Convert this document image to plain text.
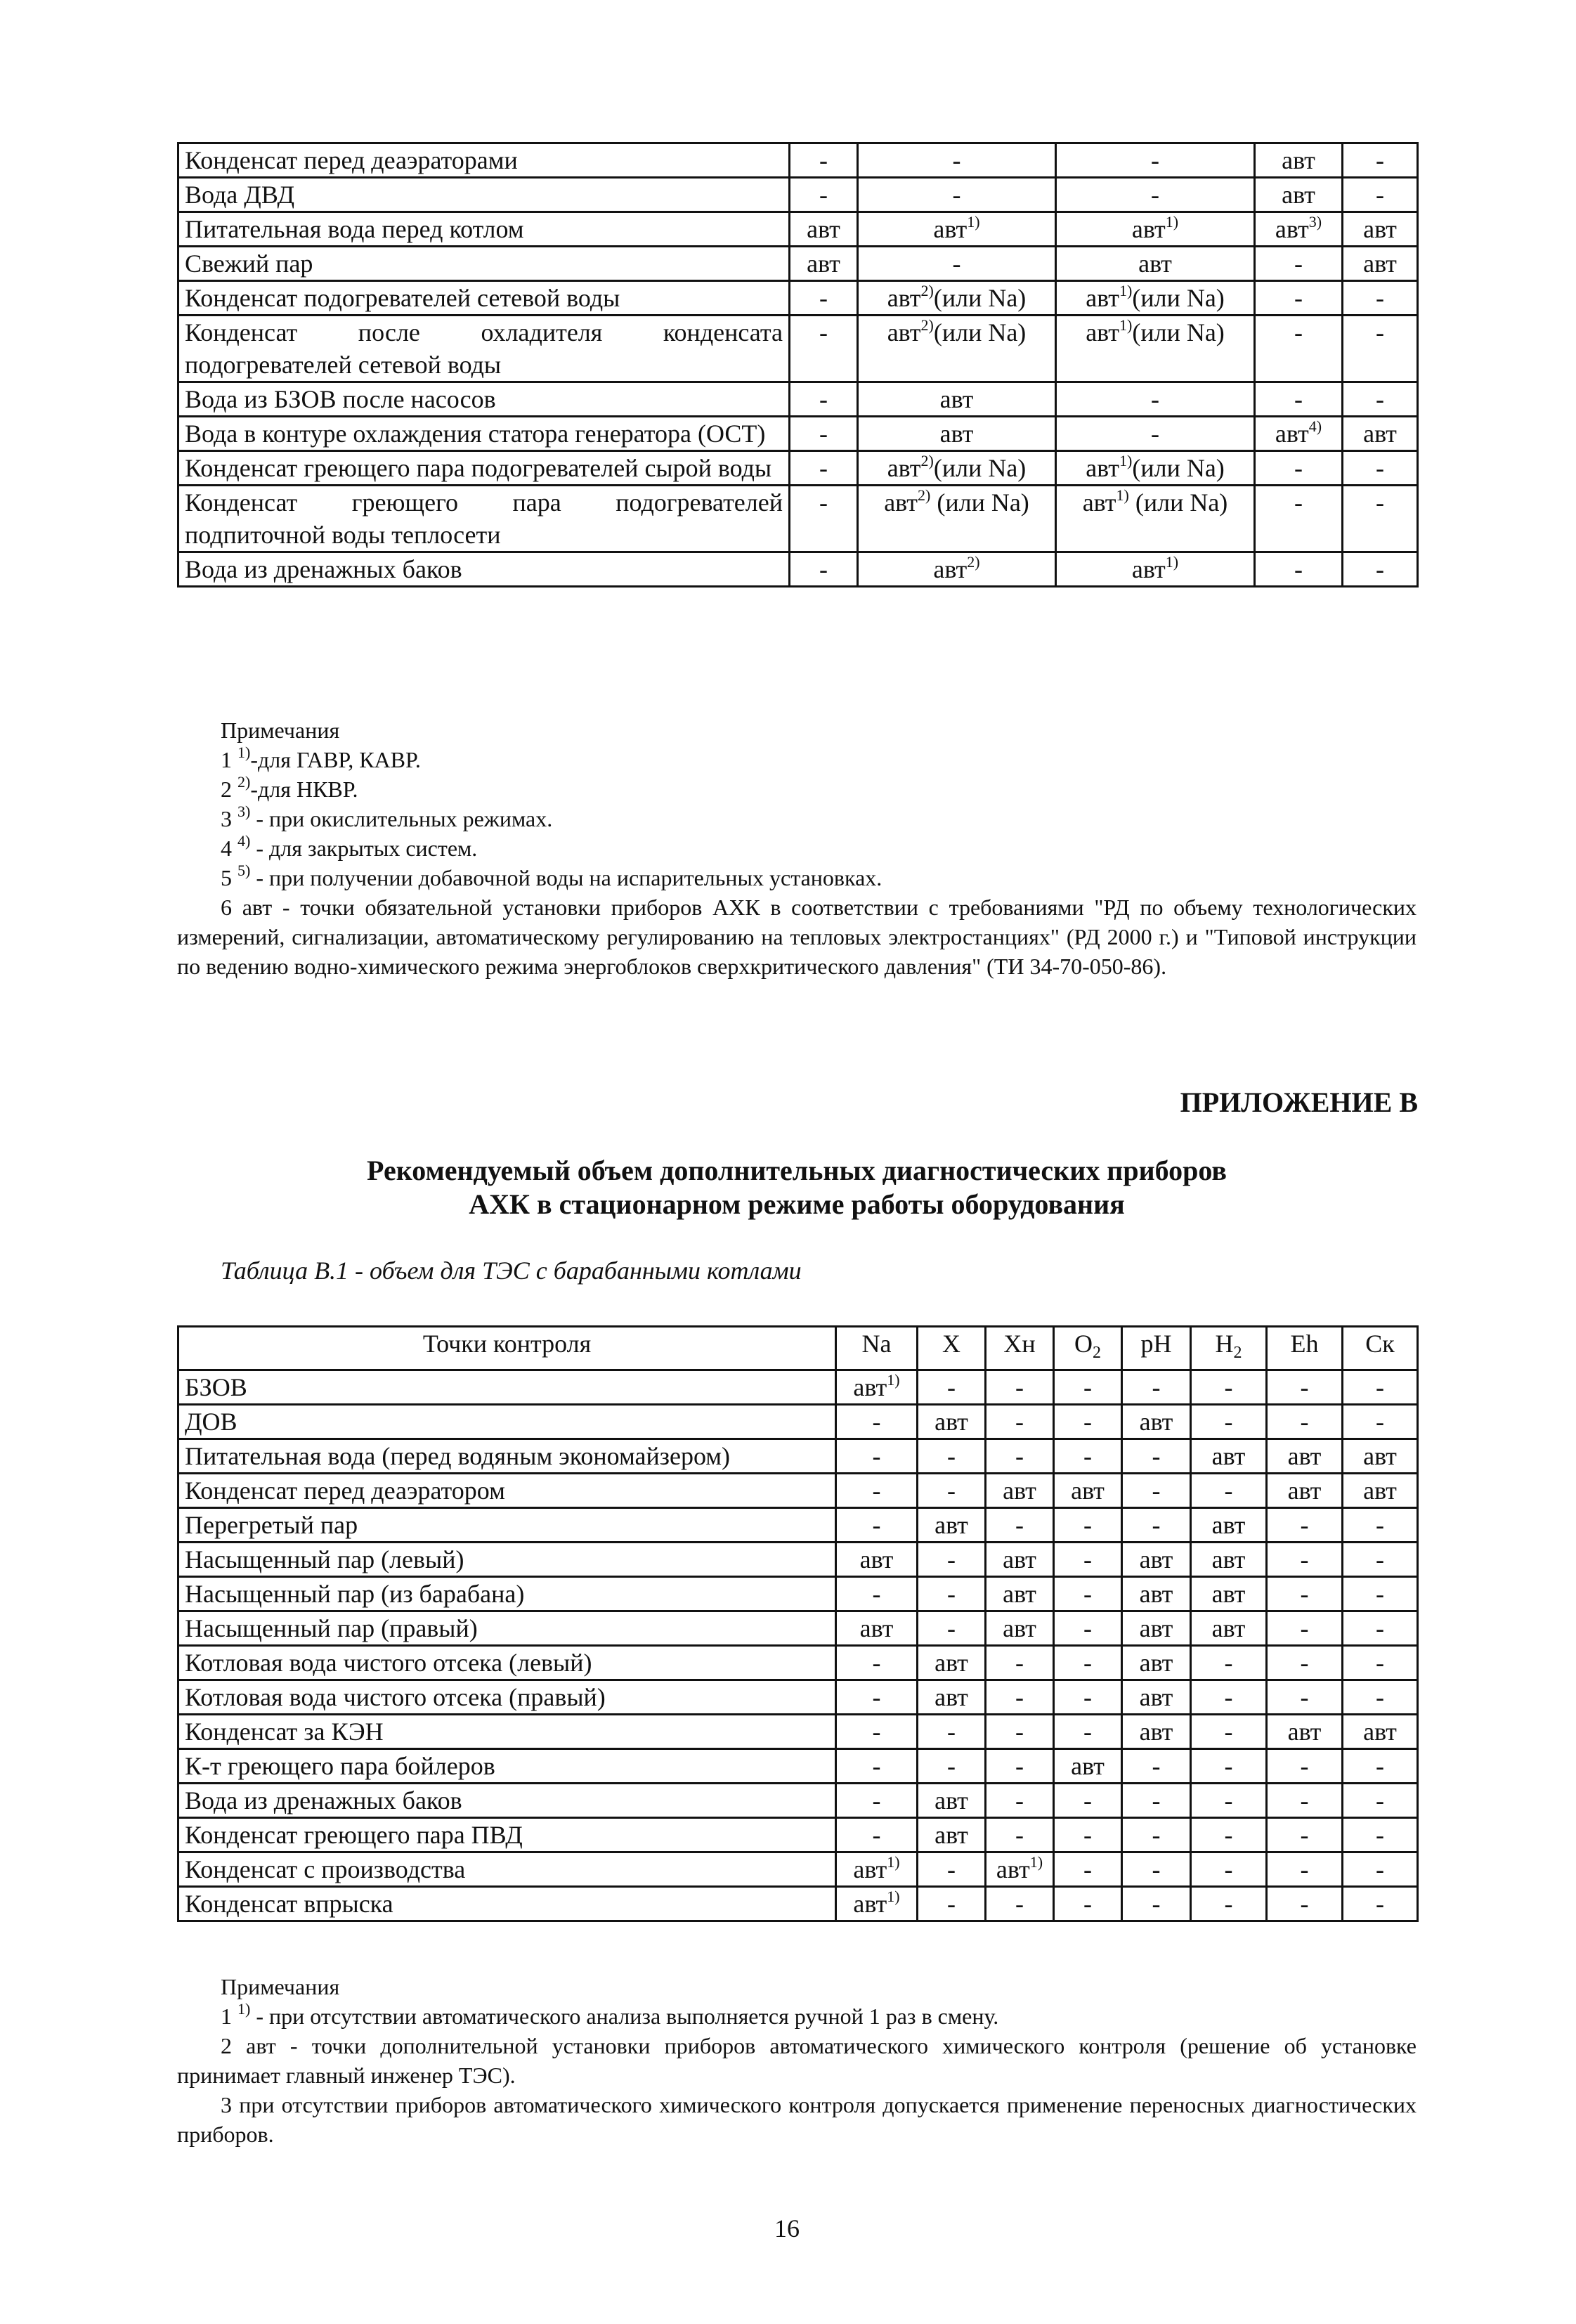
Конденсат перед деаэраторами	-	-	-	авт	-
Вода ДВД	-	-	-	авт	-
Питательная вода перед котлом	авт	авт$^{1)}$	авт$^{1)}$	авт$^{3)}$	авт
Свежий пар	авт	-	авт	-	авт
Конденсат подогревателей сетевой воды	-	авт$^{2)}$(или Na)	авт$^{1)}$(или Na)	-	-
Конденсат после охладителя конденсата подогревателей сетевой воды	-	авт$^{2)}$(или Na)	авт$^{1)}$(или Na)	-	-
Вода из БЗОВ после насосов	-	авт	-	-	-
Вода в контуре охлаждения статора генератора (ОСТ)	-	авт	-	авт$^{4)}$	авт
Конденсат греющего пара подогревателей сырой воды	-	авт$^{2)}$(или Na)	авт$^{1)}$(или Na)	-	-
Конденсат греющего пара подогревателей подпиточной воды теплосети	-	авт$^{2)}$ (или Na)	авт$^{1)}$ (или Na)	-	-
Вода из дренажных баков	-	авт$^{2)}$	авт$^{1)}$	-	-

Примечания

1 $^{1)}$-для ГАВР, КАВР.

2 $^{2)}$-для НКВР.

3 $^{3)}$ - при окислительных режимах.

4 $^{4)}$ - для закрытых систем.

5 $^{5)}$ - при получении добавочной воды на испарительных установках.

6 авт - точки обязательной установки приборов АХК в соответствии с требованиями "РД по объему технологических измерений, сигнализации, автоматическому регулированию на тепловых электростанциях" (РД 2000 г.) и "Типовой инструкции по ведению водно-химического режима энергоблоков сверхкритического давления" (ТИ 34-70-050-86).

ПРИЛОЖЕНИЕ В
Рекомендуемый объем дополнительных диагностических приборов
АХК в стационарном режиме работы оборудования
Таблица В.1 - объем для ТЭС с барабанными котлами
Точки контроля	Na	X	Хн	$O_2$	pH	$H_2$	Eh	Ск
БЗОВ	авт$^{1)}$	-	-	-	-	-	-	-
ДОВ	-	авт	-	-	авт	-	-	-
Питательная вода (перед водяным экономайзером)	-	-	-	-	-	авт	авт	авт
Конденсат перед деаэратором	-	-	авт	авт	-	-	авт	авт
Перегретый пар	-	авт	-	-	-	авт	-	-
Насыщенный пар (левый)	авт	-	авт	-	авт	авт	-	-
Насыщенный пар (из барабана)	-	-	авт	-	авт	авт	-	-
Насыщенный пар (правый)	авт	-	авт	-	авт	авт	-	-
Котловая вода чистого отсека (левый)	-	авт	-	-	авт	-	-	-
Котловая вода чистого отсека (правый)	-	авт	-	-	авт	-	-	-
Конденсат за КЭН	-	-	-	-	авт	-	авт	авт
К-т греющего пара бойлеров	-	-	-	авт	-	-	-	-
Вода из дренажных баков	-	авт	-	-	-	-	-	-
Конденсат греющего пара ПВД	-	авт	-	-	-	-	-	-
Конденсат с производства	авт$^{1)}$	-	авт$^{1)}$	-	-	-	-	-
Конденсат впрыска	авт$^{1)}$	-	-	-	-	-	-	-

Примечания

1 $^{1)}$ - при отсутствии автоматического анализа выполняется ручной 1 раз в смену.

2 авт - точки дополнительной установки приборов автоматического химического контроля (решение об установке принимает главный инженер ТЭС).

3 при отсутствии приборов автоматического химического контроля допускается применение переносных диагностических приборов.

16
